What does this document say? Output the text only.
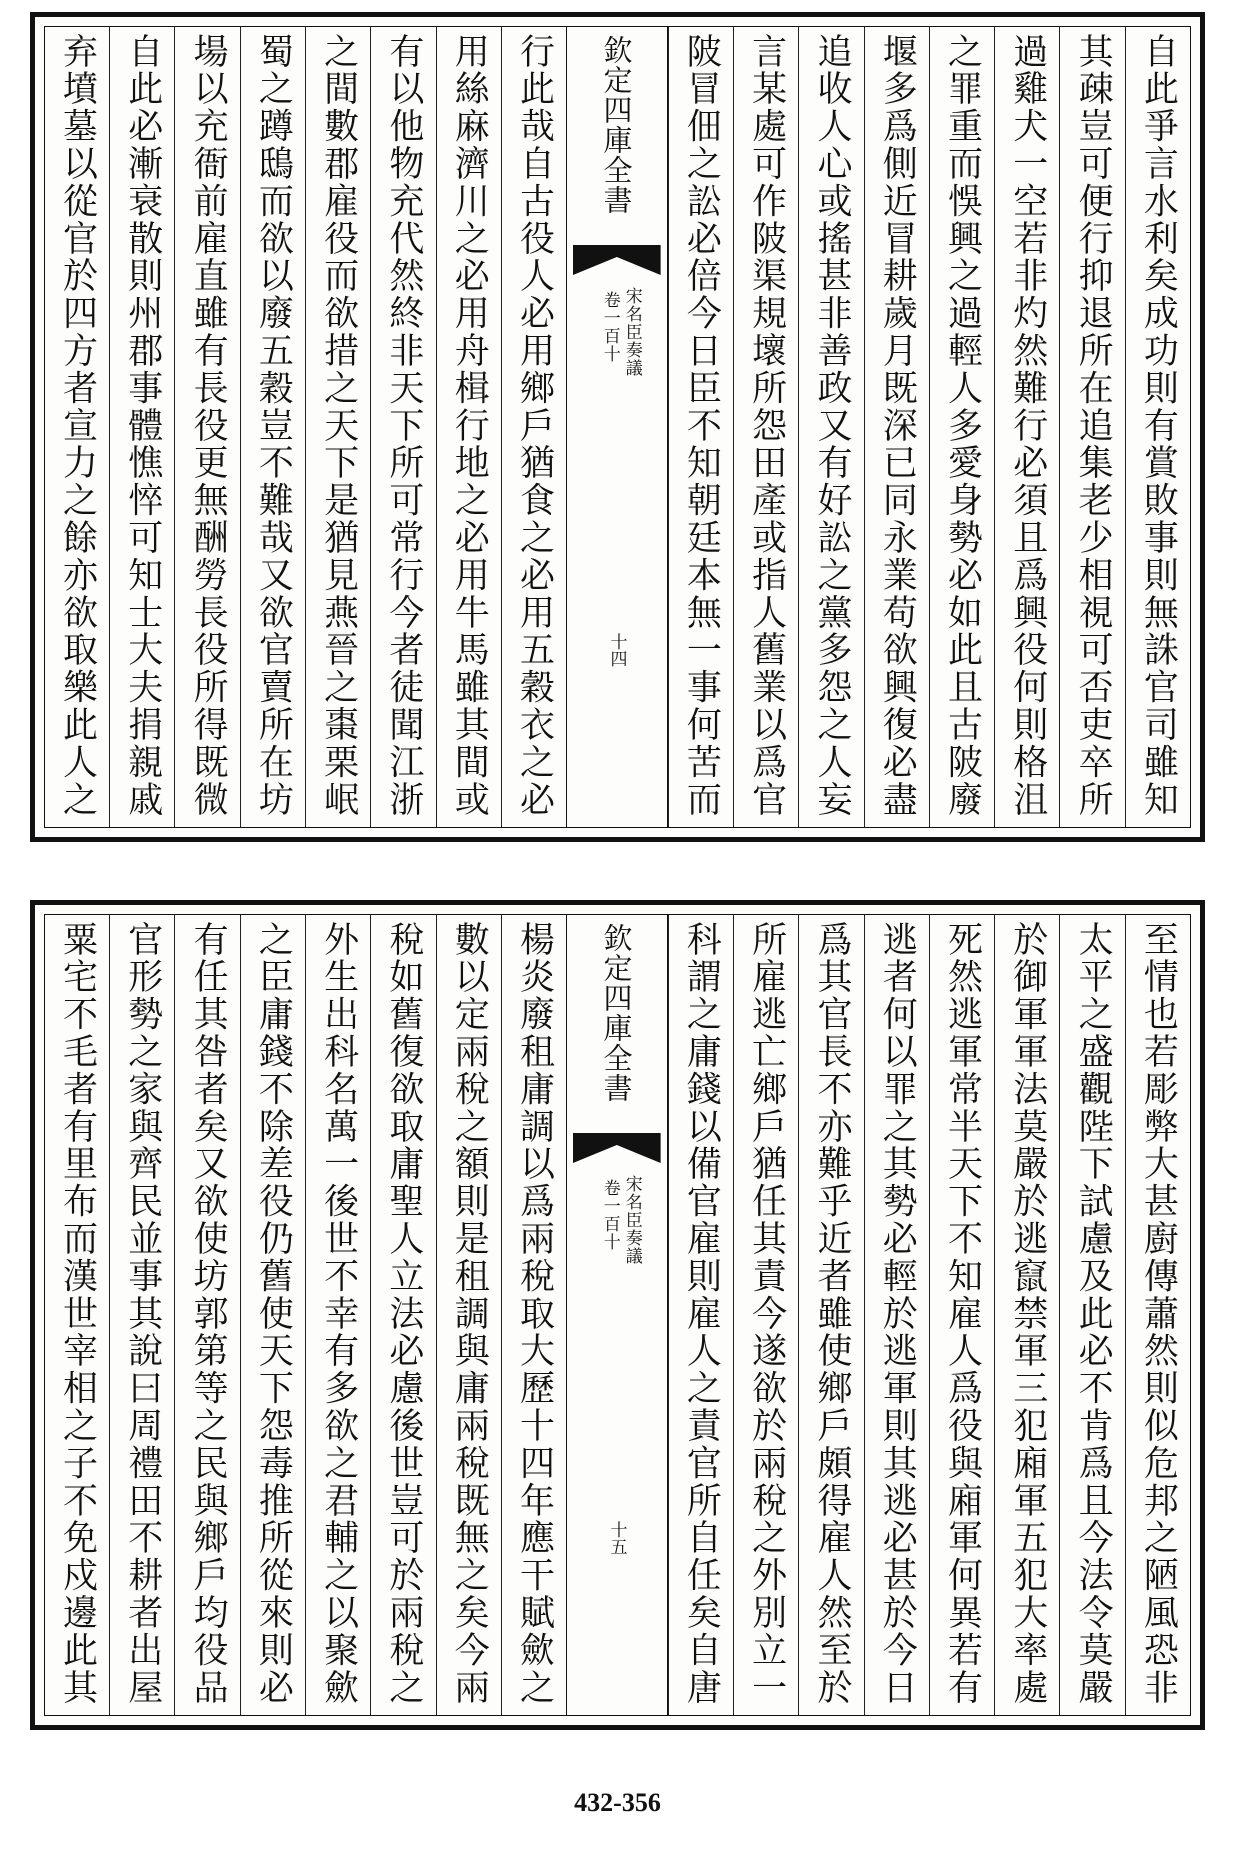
自此爭言水利矣成功則有賞敗事則無誅官司雖知
其疎豈可便行抑退所在追集老少相視可否吏卒所
過雞犬一空若非灼然難行必須且爲興役何則格沮
之罪重而悞興之過輕人多愛身勢必如此且古陂廢
堰多爲側近冒耕歲月既深已同永業苟欲興復必盡
追收人心或搖甚非善政又有好訟之黨多怨之人妄
言某處可作陂渠規壞所怨田產或指人舊業以爲官
陂冒佃之訟必倍今日臣不知朝廷本無一事何苦而
欽定四庫全書
宋名臣奏議
卷一百十
十四
行此哉自古役人必用鄉戶猶食之必用五穀衣之必
用絲麻濟川之必用舟楫行地之必用牛馬雖其間或
有以他物充代然終非天下所可常行今者徒聞江浙
之間數郡雇役而欲措之天下是猶見燕晉之棗栗岷
蜀之蹲鴟而欲以廢五穀豈不難哉又欲官賣所在坊
場以充衙前雇直雖有長役更無酬勞長役所得既微
自此必漸衰散則州郡事體憔悴可知士大夫捐親戚
弃墳墓以從官於四方者宣力之餘亦欲取樂此人之
至情也若彫弊大甚廚傳蕭然則似危邦之陋風恐非
太平之盛觀陛下試慮及此必不肯爲且今法令莫嚴
於御軍軍法莫嚴於逃竄禁軍三犯廂軍五犯大率處
死然逃軍常半天下不知雇人爲役與廂軍何異若有
逃者何以罪之其勢必輕於逃軍則其逃必甚於今日
爲其官長不亦難乎近者雖使鄉戶頗得雇人然至於
所雇逃亡鄉戶猶任其責今遂欲於兩稅之外別立一
科謂之庸錢以備官雇則雇人之責官所自任矣自唐
欽定四庫全書
宋名臣奏議
卷一百十
十五
楊炎廢租庸調以爲兩稅取大歷十四年應干賦歛之
數以定兩稅之額則是租調與庸兩稅既無之矣今兩
稅如舊復欲取庸聖人立法必慮後世豈可於兩稅之
外生出科名萬一後世不幸有多欲之君輔之以聚歛
之臣庸錢不除差役仍舊使天下怨毒推所從來則必
有任其咎者矣又欲使坊郭第等之民與鄉戶均役品
官形勢之家與齊民並事其說曰周禮田不耕者出屋
粟宅不毛者有里布而漢世宰相之子不免戍邊此其
432-356
